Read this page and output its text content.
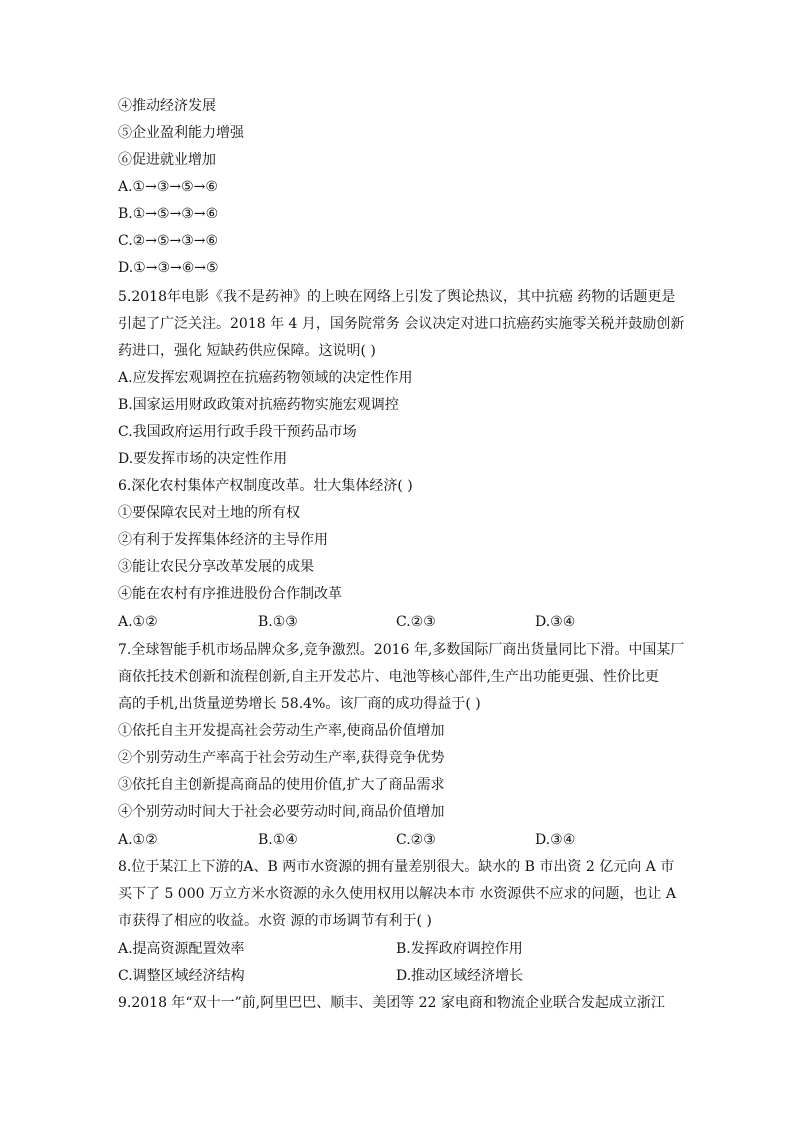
④推动经济发展
⑤企业盈利能力增强
⑥促进就业增加
A.①→③→⑤→⑥
B.①→⑤→③→⑥
C.②→⑤→③→⑥
D.①→③→⑥→⑤
5.2018年电影《我不是药神》的上映在网络上引发了舆论热议，其中抗癌 药物的话题更是
引起了广泛关注。2018 年 4 月，国务院常务 会议决定对进口抗癌药实施零关税并鼓励创新
药进口，强化 短缺药供应保障。这说明( )
A.应发挥宏观调控在抗癌药物领域的决定性作用
B.国家运用财政政策对抗癌药物实施宏观调控
C.我国政府运用行政手段干预药品市场
D.要发挥市场的决定性作用
6.深化农村集体产权制度改革。壮大集体经济( )
①要保障农民对土地的所有权
②有利于发挥集体经济的主导作用
③能让农民分享改革发展的成果
④能在农村有序推进股份合作制改革
A.①②	B.①③	C.②③	D.③④
7.全球智能手机市场品牌众多,竞争激烈。2016 年,多数国际厂商出货量同比下滑。中国某厂
商依托技术创新和流程创新,自主开发芯片、电池等核心部件,生产出功能更强、性价比更
高的手机,出货量逆势增长 58.4%。该厂商的成功得益于( )
①依托自主开发提高社会劳动生产率,使商品价值增加
②个别劳动生产率高于社会劳动生产率,获得竞争优势
③依托自主创新提高商品的使用价值,扩大了商品需求
④个别劳动时间大于社会必要劳动时间,商品价值增加
A.①②	B.①④	C.②③	D.③④
8.位于某江上下游的A、B 两市水资源的拥有量差别很大。缺水的 B 市出资 2 亿元向 A 市
买下了 5 000 万立方米水资源的永久使用权用以解决本市 水资源供不应求的问题，也让 A
市获得了相应的收益。水资 源的市场调节有利于( )
A.提高资源配置效率	B.发挥政府调控作用
C.调整区域经济结构	D.推动区域经济增长
9.2018 年“双十一”前,阿里巴巴、顺丰、美团等 22 家电商和物流企业联合发起成立浙江
